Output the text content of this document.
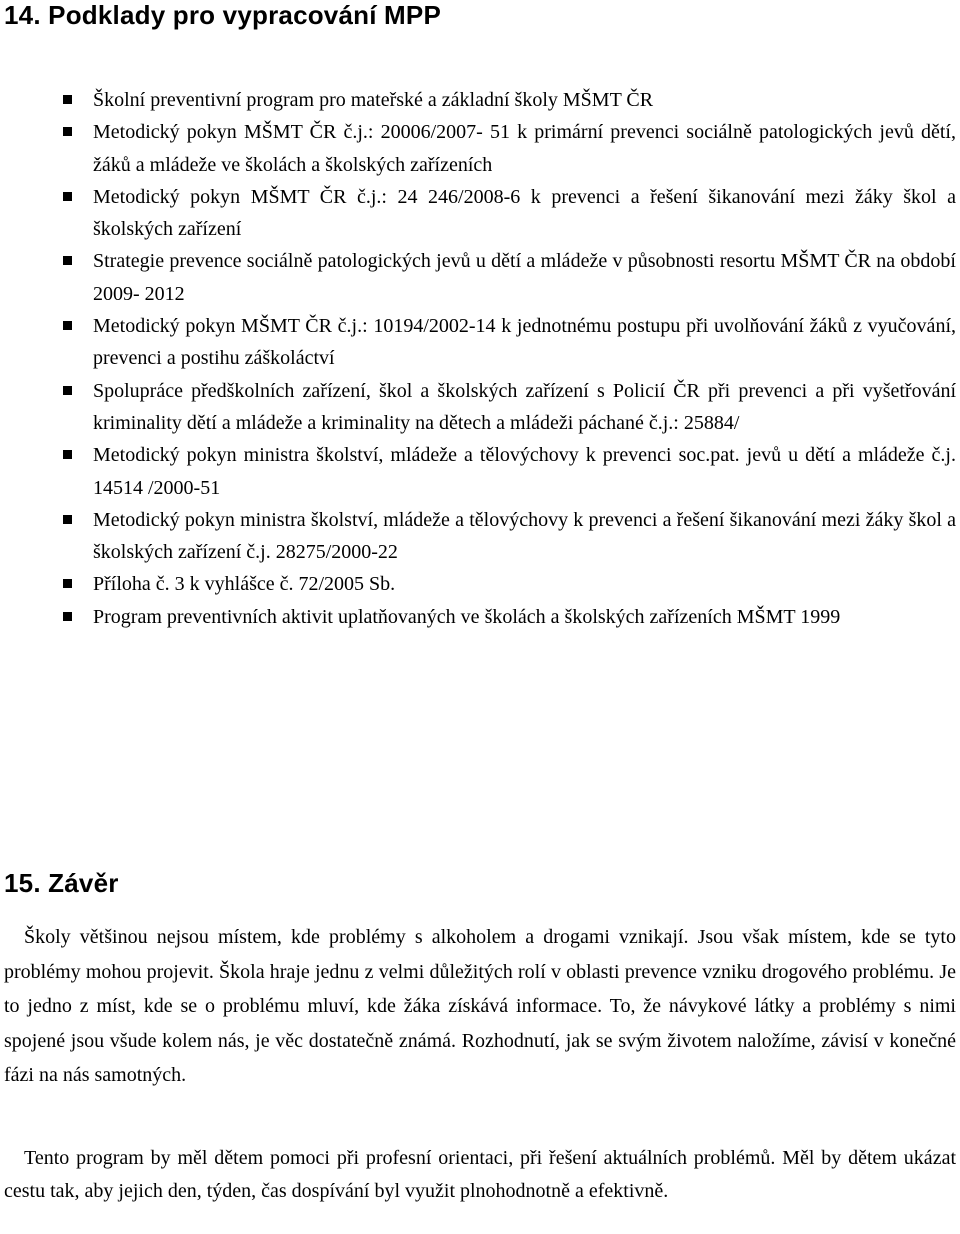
14. Podklady pro vypracování MPP
Školní preventivní program pro mateřské a základní školy MŠMT ČR
Metodický pokyn MŠMT ČR č.j.: 20006/2007- 51 k primární prevenci sociálně patologických jevů dětí, žáků a mládeže ve školách a školských zařízeních
Metodický pokyn MŠMT ČR č.j.: 24 246/2008-6 k prevenci a řešení šikanování mezi žáky škol a školských zařízení
Strategie prevence sociálně patologických jevů u dětí a mládeže v působnosti resortu MŠMT ČR na období 2009- 2012
Metodický pokyn MŠMT ČR č.j.: 10194/2002-14 k jednotnému postupu při uvolňování žáků z vyučování, prevenci a postihu záškoláctví
Spolupráce předškolních zařízení, škol a školských zařízení s Policií ČR při prevenci a při vyšetřování kriminality dětí a mládeže a kriminality na dětech a mládeži páchané č.j.: 25884/
Metodický pokyn ministra školství, mládeže a tělovýchovy k prevenci soc.pat. jevů u dětí a mládeže č.j. 14514 /2000-51
Metodický pokyn ministra školství, mládeže a tělovýchovy k prevenci a řešení šikanování mezi žáky škol a školských zařízení č.j. 28275/2000-22
Příloha č. 3 k vyhlášce č. 72/2005 Sb.
Program preventivních aktivit uplatňovaných ve školách a školských zařízeních MŠMT 1999
15. Závěr

Školy většinou nejsou místem, kde problémy s alkoholem a drogami vznikají. Jsou však místem, kde se tyto problémy mohou projevit. Škola hraje jednu z velmi důležitých rolí v oblasti prevence vzniku drogového problému. Je to jedno z míst, kde se o problému mluví, kde žáka získává informace. To, že návykové látky a problémy s nimi spojené jsou všude kolem nás, je věc dostatečně známá. Rozhodnutí, jak se svým životem naložíme, závisí v konečné fázi na nás samotných.

Tento program by měl dětem pomoci při profesní orientaci, při řešení aktuálních problémů. Měl by dětem ukázat cestu tak, aby jejich den, týden, čas dospívání byl využit plnohodnotně a efektivně.
